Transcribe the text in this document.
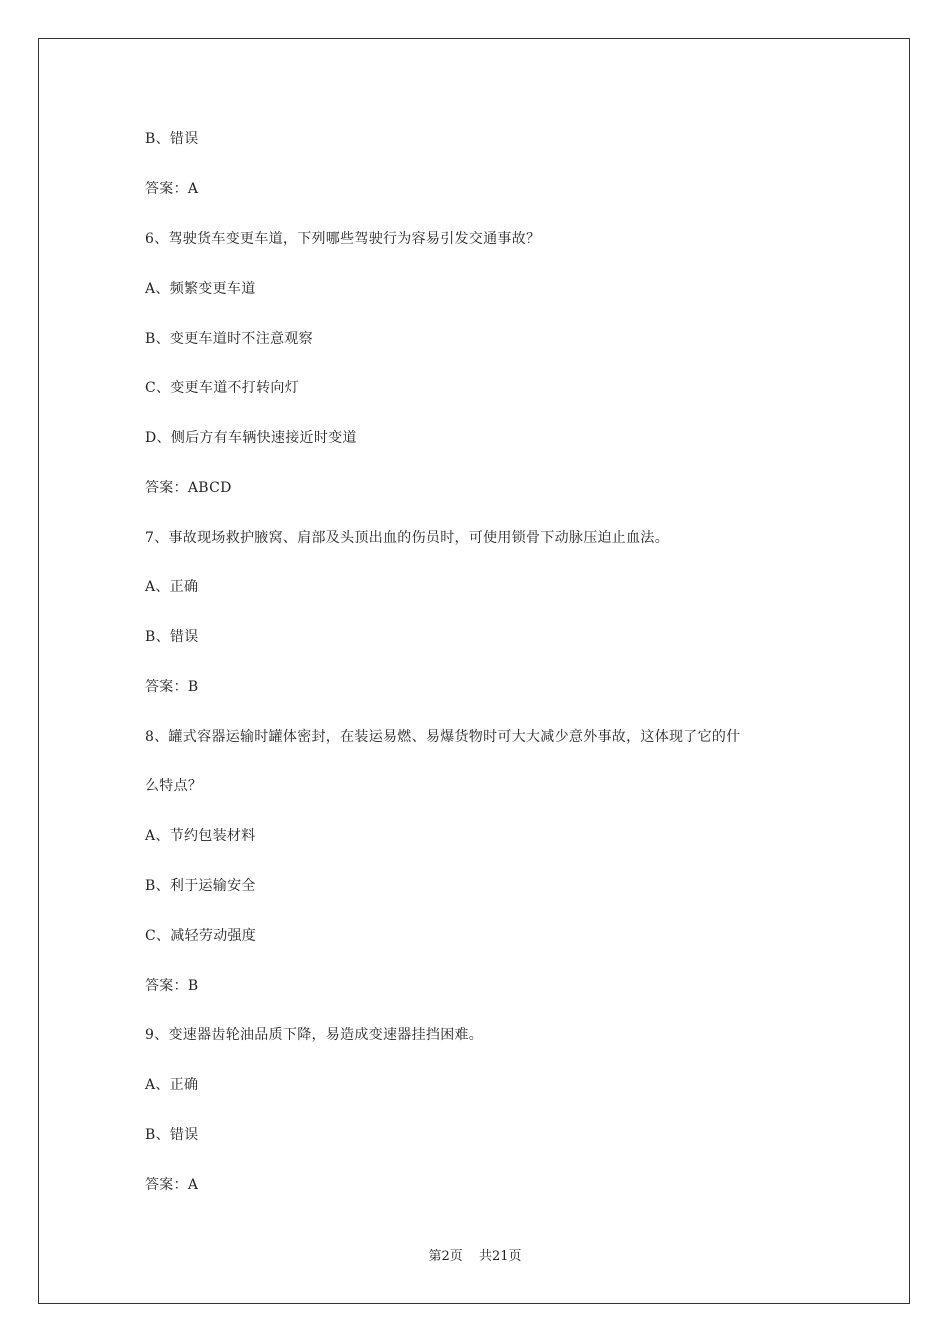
B、错误
答案：A
6、驾驶货车变更车道，下列哪些驾驶行为容易引发交通事故？
A、频繁变更车道
B、变更车道时不注意观察
C、变更车道不打转向灯
D、侧后方有车辆快速接近时变道
答案：ABCD
7、事故现场救护腋窝、肩部及头顶出血的伤员时，可使用锁骨下动脉压迫止血法。
A、正确
B、错误
答案：B
8、罐式容器运输时罐体密封，在装运易燃、易爆货物时可大大减少意外事故，这体现了它的什
么特点？
A、节约包装材料
B、利于运输安全
C、减轻劳动强度
答案：B
9、变速器齿轮油品质下降，易造成变速器挂挡困难。
A、正确
B、错误
答案：A
第2页 共21页
